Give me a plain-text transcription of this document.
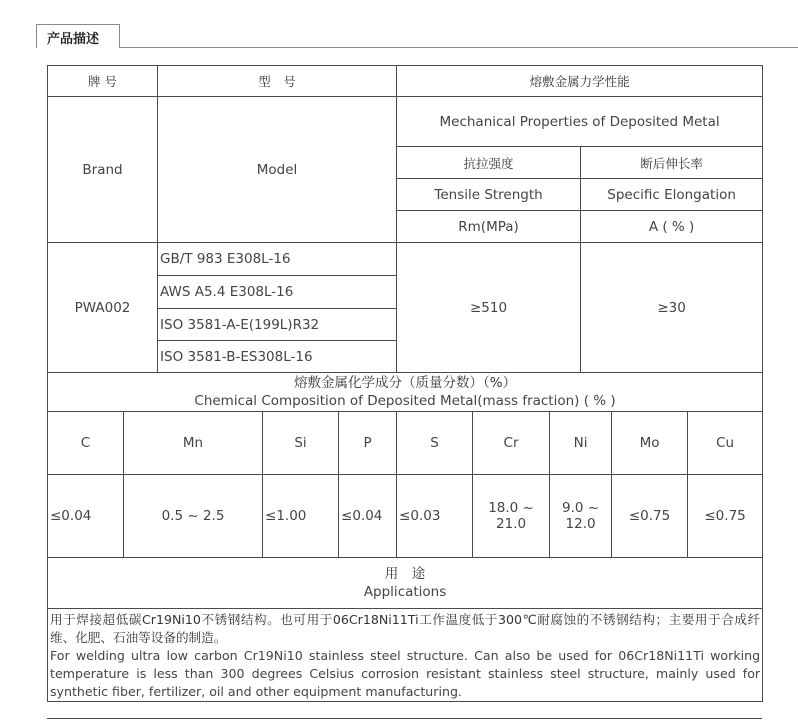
产品描述
牌 号		型　号			熔敷金属力学性能						
Brand		Model			Mechanical Properties of Deposited Metal						
					抗拉强度			断后伸长率			
					Tensile Strength			Specific Elongation			
					Rm(MPa)			A ( % )			
PWA002		GB/T 983 E308L-16			≥510			≥30			
		AWS A5.4 E308L-16									
		ISO 3581-A-E(199L)R32									
		ISO 3581-B-ES308L-16									

熔敷金属化学成分（质量分数）（%）
Chemical Composition of Deposited Metal(mass fraction) ( % )											

C	Mn		Si	P	S	Cr	Ni		Mo	Cu	
≤0.04	0.5 ~ 2.5		≤1.00	≤0.04	≤0.03	18.0 ~ 21.0	9.0 ~ 12.0		≤0.75	≤0.75	

用　途
Applications											

用于焊接超低碳Cr19Ni10不锈钢结构。也可用于06Cr18Ni11Ti工作温度低于300℃耐腐蚀的不锈钢结构；主要用于合成纤维、化肥、石油等设备的制造。
For welding ultra low carbon Cr19Ni10 stainless steel structure. Can also be used for 06Cr18Ni11Ti working temperature is less than 300 degrees Celsius corrosion resistant stainless steel structure, mainly used for synthetic fiber, fertilizer, oil and other equipment manufacturing.											
